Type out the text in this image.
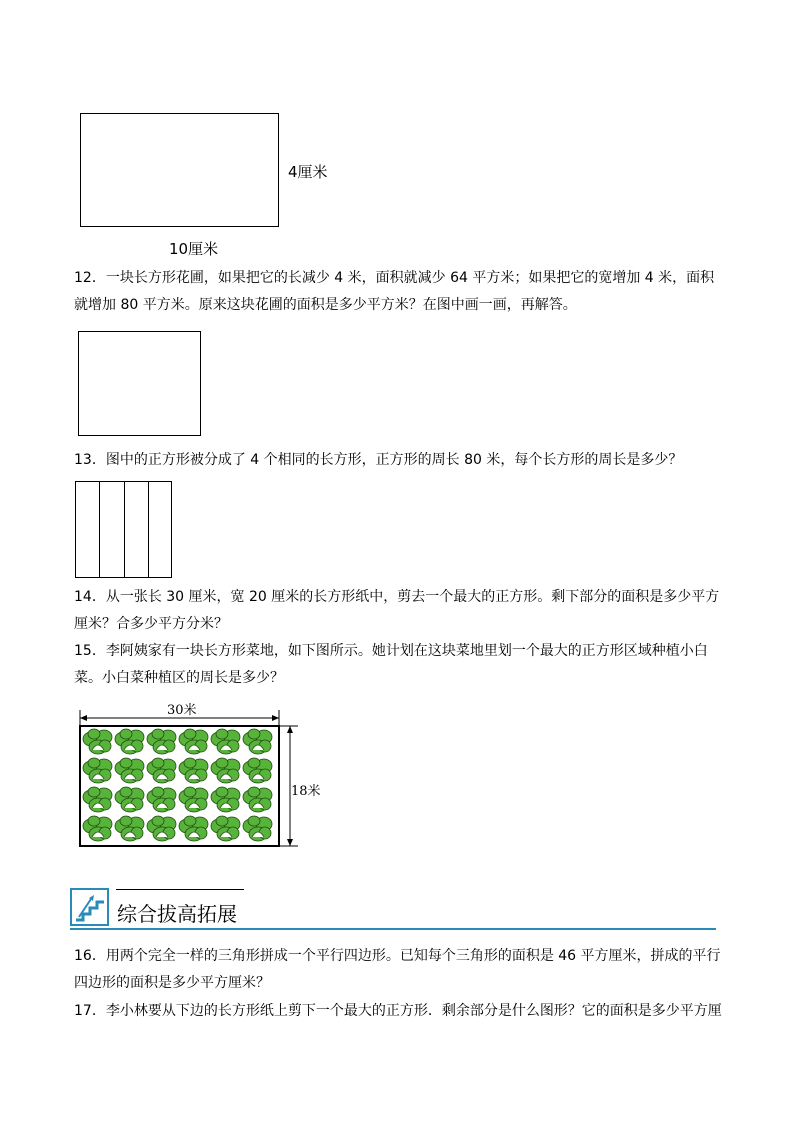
4厘米
10厘米
12．一块长方形花圃，如果把它的长减少 4 米，面积就减少 64 平方米；如果把它的宽增加 4 米，面积就增加 80 平方米。原来这块花圃的面积是多少平方米？在图中画一画，再解答。
13．图中的正方形被分成了 4 个相同的长方形，正方形的周长 80 米，每个长方形的周长是多少？
14．从一张长 30 厘米，宽 20 厘米的长方形纸中，剪去一个最大的正方形。剩下部分的面积是多少平方厘米？合多少平方分米？
15．李阿姨家有一块长方形菜地，如下图所示。她计划在这块菜地里划一个最大的正方形区域种植小白菜。小白菜种植区的周长是多少？
30米
18米
综合拔高拓展
16．用两个完全一样的三角形拼成一个平行四边形。已知每个三角形的面积是 46 平方厘米，拼成的平行四边形的面积是多少平方厘米？
17．李小林要从下边的长方形纸上剪下一个最大的正方形．剩余部分是什么图形？它的面积是多少平方厘
